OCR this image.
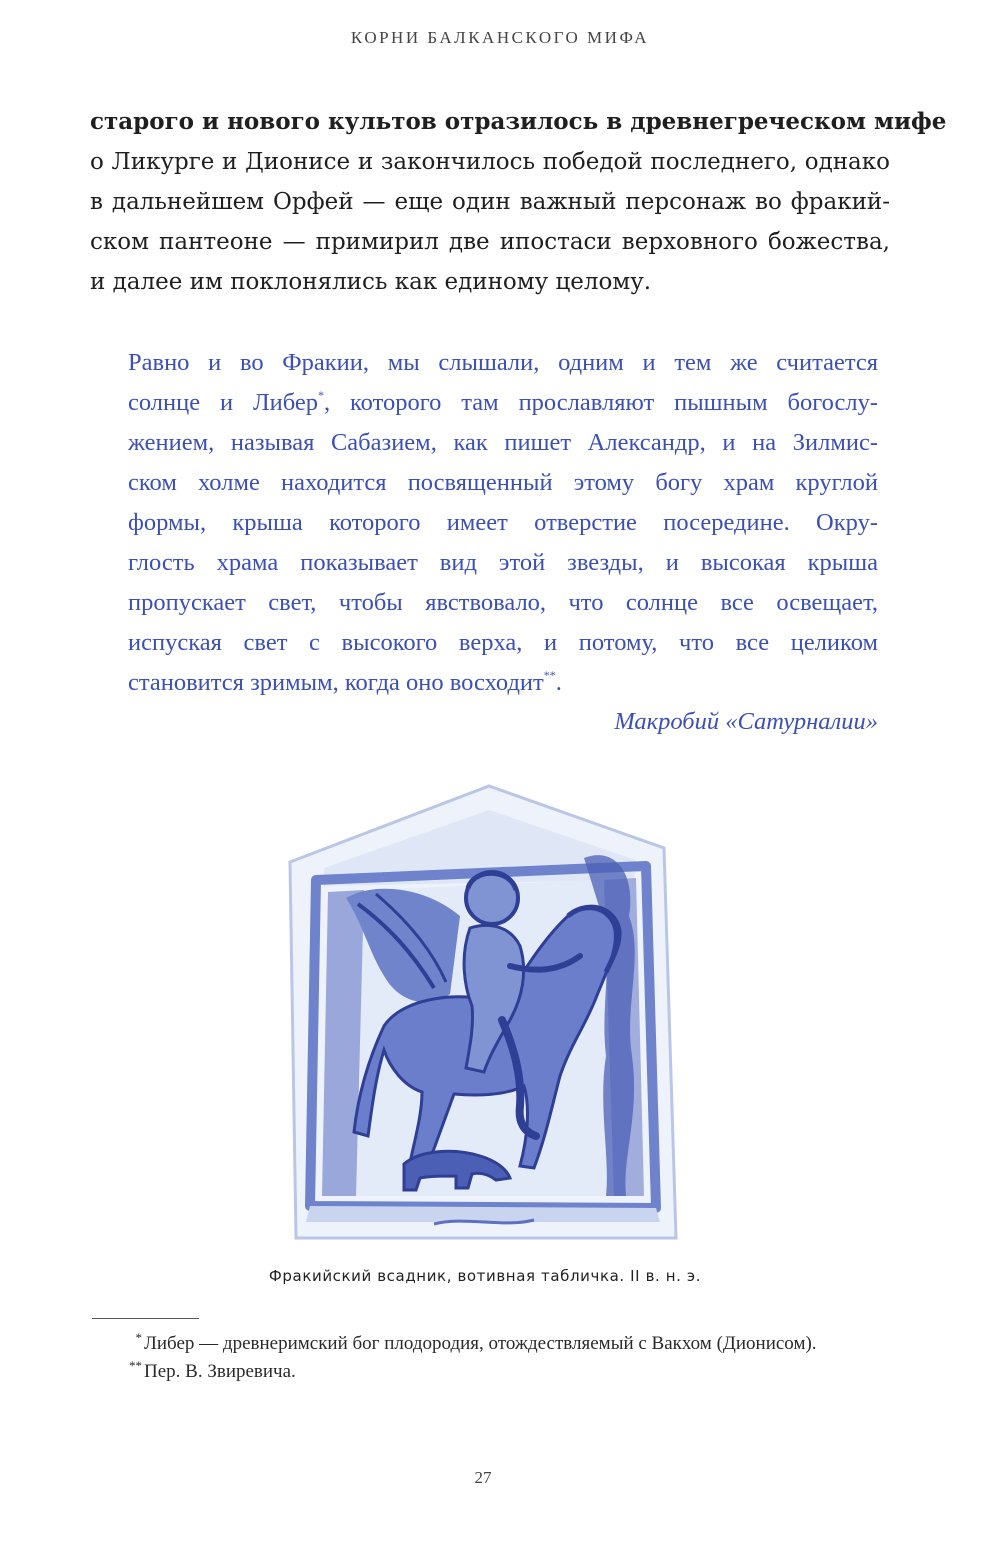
КОРНИ БАЛКАНСКОГО МИФА
старого и нового культов отразилось в древнегреческом мифе
о Ликурге и Дионисе и закончилось победой последнего, однако
в дальнейшем Орфей — еще один важный персонаж во фракий-
ском пантеоне — примирил две ипостаси верховного божества,
и далее им поклонялись как единому целому.
Равно и во Фракии, мы слышали, одним и тем же считается
солнце и Либер*, которого там прославляют пышным богослу-
жением, называя Сабазием, как пишет Александр, и на Зилмис-
ском холме находится посвященный этому богу храм круглой
формы, крыша которого имеет отверстие посередине. Окру-
глость храма показывает вид этой звезды, и высокая крыша
пропускает свет, чтобы явствовало, что солнце все освещает,
испуская свет с высокого верха, и потому, что все целиком
становится зримым, когда оно восходит**.
Макробий «Сатурналии»
Фракийский всадник, вотивная табличка. II в. н. э.
* Либер — древнеримский бог плодородия, отождествляемый с Вакхом (Дионисом).
** Пер. В. Звиревича.
27
